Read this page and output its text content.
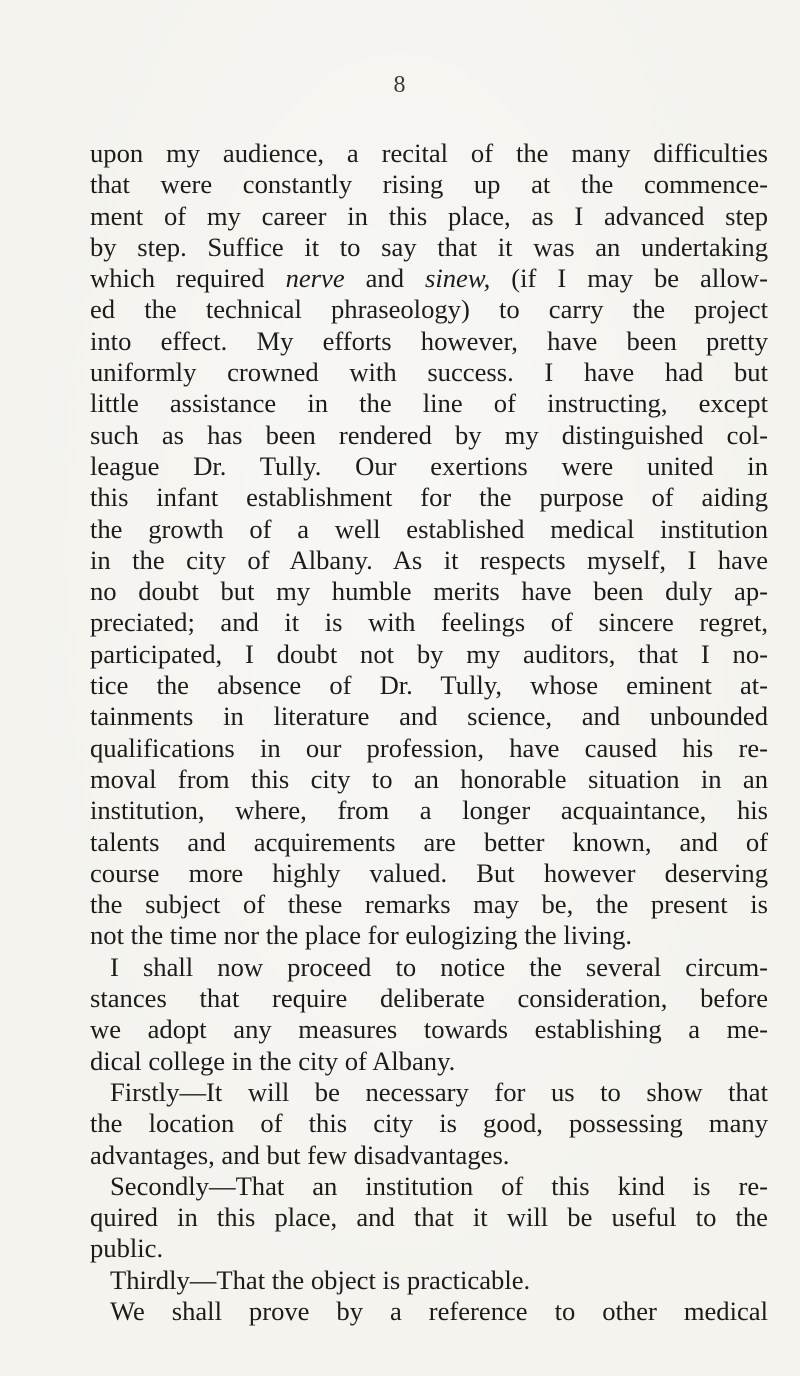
8
upon my audience, a recital of the many difficulties
that were constantly rising up at the commence-
ment of my career in this place, as I advanced step
by step. Suffice it to say that it was an undertaking
which required nerve and sinew, (if I may be allow-
ed the technical phraseology) to carry the project
into effect. My efforts however, have been pretty
uniformly crowned with success. I have had but
little assistance in the line of instructing, except
such as has been rendered by my distinguished col-
league Dr. Tully. Our exertions were united in
this infant establishment for the purpose of aiding
the growth of a well established medical institution
in the city of Albany. As it respects myself, I have
no doubt but my humble merits have been duly ap-
preciated; and it is with feelings of sincere regret,
participated, I doubt not by my auditors, that I no-
tice the absence of Dr. Tully, whose eminent at-
tainments in literature and science, and unbounded
qualifications in our profession, have caused his re-
moval from this city to an honorable situation in an
institution, where, from a longer acquaintance, his
talents and acquirements are better known, and of
course more highly valued. But however deserving
the subject of these remarks may be, the present is
not the time nor the place for eulogizing the living.
I shall now proceed to notice the several circum-
stances that require deliberate consideration, before
we adopt any measures towards establishing a me-
dical college in the city of Albany.
Firstly—It will be necessary for us to show that
the location of this city is good, possessing many
advantages, and but few disadvantages.
Secondly—That an institution of this kind is re-
quired in this place, and that it will be useful to the
public.
Thirdly—That the object is practicable.
We shall prove by a reference to other medical
